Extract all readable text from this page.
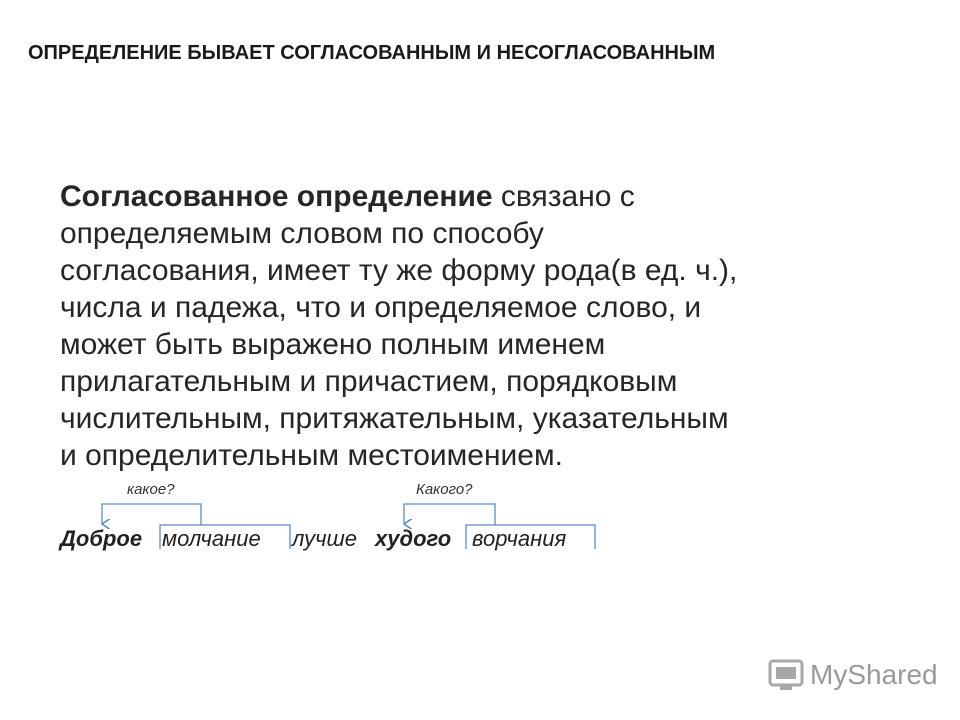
ОПРЕДЕЛЕНИЕ БЫВАЕТ СОГЛАСОВАННЫМ И НЕСОГЛАСОВАННЫМ
Согласованное определение связано с
определяемым словом по способу
согласования, имеет ту же форму рода(в ед. ч.),
числа и падежа, что и определяемое слово, и
может быть выражено полным именем
прилагательным и причастием, порядковым
числительным, притяжательным, указательным
и определительным местоимением.
какое?	Какого?
Доброе молчание лучше худого ворчания
MyShared
